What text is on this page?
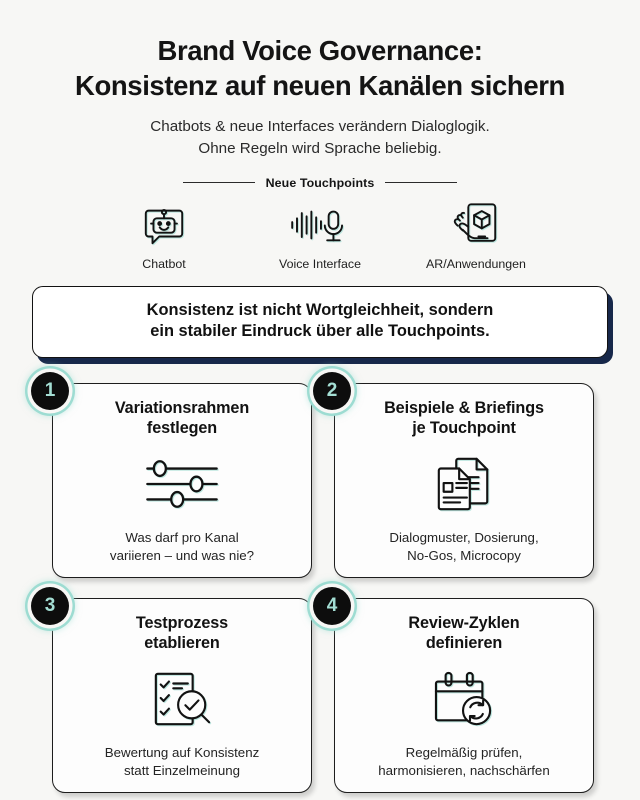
Brand Voice Governance:
Konsistenz auf neuen Kanälen sichern
Chatbots & neue Interfaces verändern Dialoglogik.
Ohne Regeln wird Sprache beliebig.
Neue Touchpoints
Chatbot	Voice Interface	AR/Anwendungen
Konsistenz ist nicht Wortgleichheit, sondern
ein stabiler Eindruck über alle Touchpoints.
1
Variationsrahmen
festlegen
Was darf pro Kanal
variieren – und was nie?
2
Beispiele & Briefings
je Touchpoint
Dialogmuster, Dosierung,
No-Gos, Microcopy
3
Testprozess
etablieren
Bewertung auf Konsistenz
statt Einzelmeinung
4
Review-Zyklen
definieren
Regelmäßig prüfen,
harmonisieren, nachschärfen
